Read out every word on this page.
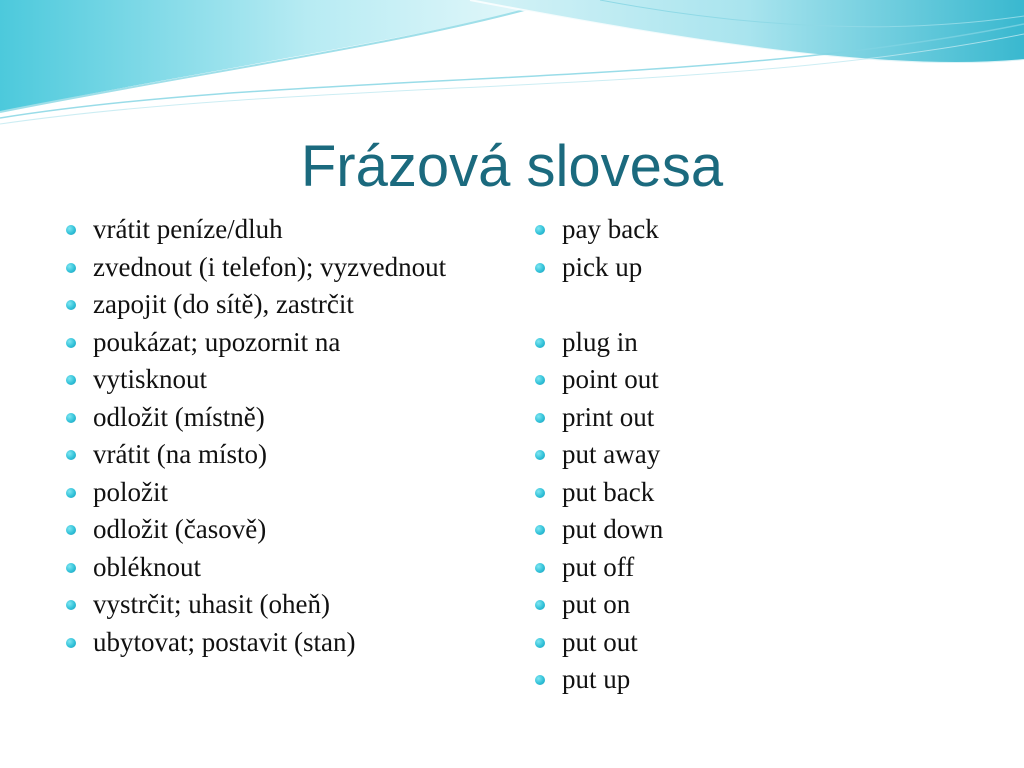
Frázová slovesa
vrátit peníze/dluh
zvednout (i telefon); vyzvednout
zapojit (do sítě), zastrčit
poukázat; upozornit na
vytisknout
odložit (místně)
vrátit (na místo)
položit
odložit (časově)
obléknout
vystrčit; uhasit (oheň)
ubytovat; postavit (stan)
pay back
pick up
plug in
point out
print out
put away
put back
put down
put off
put on
put out
put up
